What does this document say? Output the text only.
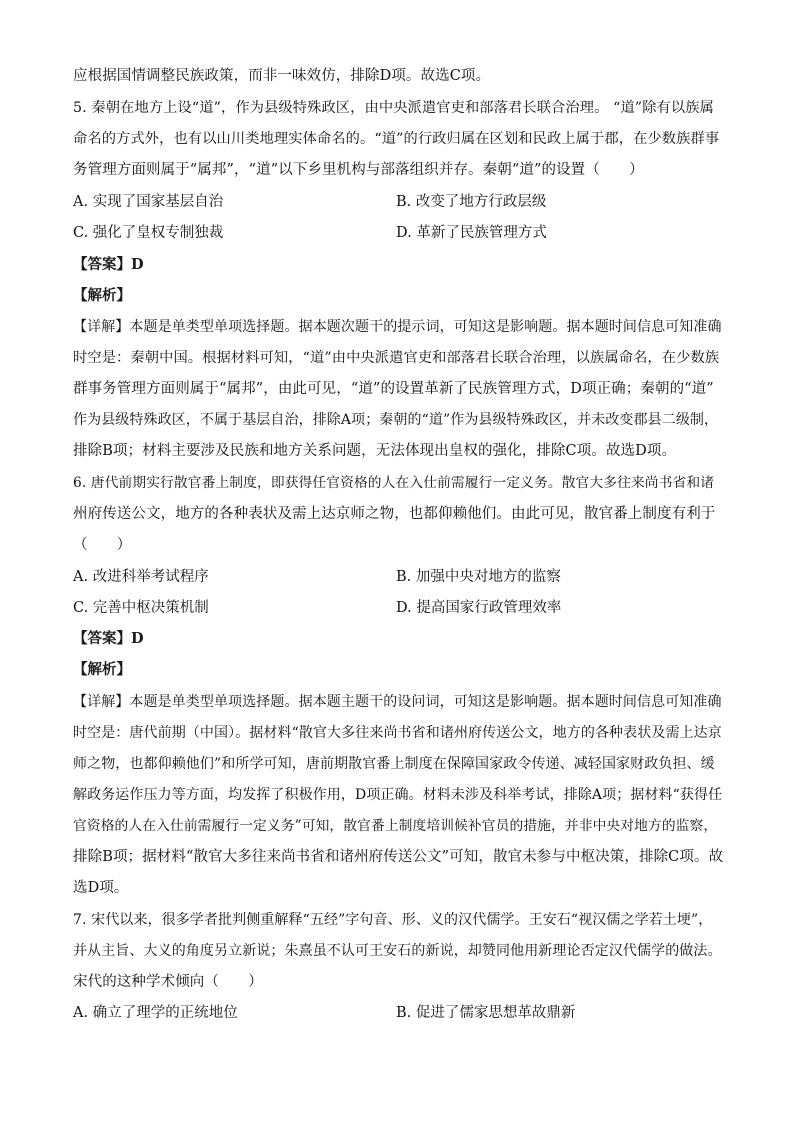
应根据国情调整民族政策，而非一味效仿，排除D项。故选C项。
5. 秦朝在地方上设“道”，作为县级特殊政区，由中央派遣官吏和部落君长联合治理。 “道”除有以族属
命名的方式外，也有以山川类地理实体命名的。“道”的行政归属在区划和民政上属于郡，在少数族群事
务管理方面则属于“属邦”，“道”以下乡里机构与部落组织并存。秦朝“道”的设置（　　）
A. 实现了国家基层自治	B. 改变了地方行政层级
C. 强化了皇权专制独裁	D. 革新了民族管理方式
【答案】D
【解析】
【详解】本题是单类型单项选择题。据本题次题干的提示词，可知这是影响题。据本题时间信息可知准确
时空是：秦朝中国。根据材料可知，“道”由中央派遣官吏和部落君长联合治理，以族属命名，在少数族
群事务管理方面则属于“属邦”，由此可见，“道”的设置革新了民族管理方式，D项正确；秦朝的“道”
作为县级特殊政区，不属于基层自治，排除A项；秦朝的“道”作为县级特殊政区，并未改变郡县二级制，
排除B项；材料主要涉及民族和地方关系问题，无法体现出皇权的强化，排除C项。故选D项。
6. 唐代前期实行散官番上制度，即获得任官资格的人在入仕前需履行一定义务。散官大多往来尚书省和诸
州府传送公文，地方的各种表状及需上达京师之物，也都仰赖他们。由此可见，散官番上制度有利于
（　　）
A. 改进科举考试程序	B. 加强中央对地方的监察
C. 完善中枢决策机制	D. 提高国家行政管理效率
【答案】D
【解析】
【详解】本题是单类型单项选择题。据本题主题干的设问词，可知这是影响题。据本题时间信息可知准确
时空是：唐代前期（中国）。据材料“散官大多往来尚书省和诸州府传送公文，地方的各种表状及需上达京
师之物，也都仰赖他们”和所学可知，唐前期散官番上制度在保障国家政令传递、减轻国家财政负担、缓
解政务运作压力等方面，均发挥了积极作用，D项正确。材料未涉及科举考试，排除A项；据材料“获得任
官资格的人在入仕前需履行一定义务”可知，散官番上制度培训候补官员的措施，并非中央对地方的监察，
排除B项；据材料“散官大多往来尚书省和诸州府传送公文”可知，散官未参与中枢决策，排除C项。故
选D项。
7. 宋代以来，很多学者批判侧重解释“五经”字句音、形、义的汉代儒学。王安石“视汉儒之学若土埂”，
并从主旨、大义的角度另立新说；朱熹虽不认可王安石的新说，却赞同他用新理论否定汉代儒学的做法。
宋代的这种学术倾向（　　）
A. 确立了理学的正统地位	B. 促进了儒家思想革故鼎新
